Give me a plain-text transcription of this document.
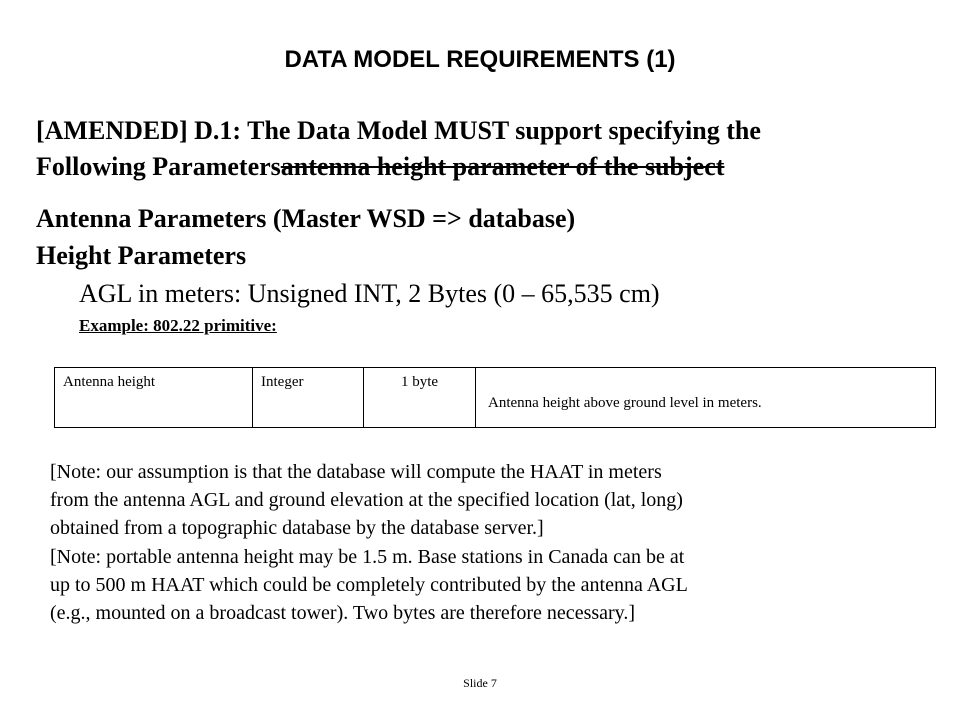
DATA MODEL REQUIREMENTS (1)
[AMENDED] D.1: The Data Model MUST support specifying the
Following Parametersantenna height parameter of the subject
Antenna Parameters (Master WSD => database)
Height Parameters
AGL in meters: Unsigned INT, 2 Bytes (0 – 65,535 cm)
Example: 802.22 primitive:
Antenna height	Integer	1 byte	Antenna height above ground level in meters.

[Note: our assumption is that the database will compute the HAAT in meters

from the antenna AGL and ground elevation at the specified location (lat, long)

obtained from a topographic database by the database server.]

[Note: portable antenna height may be 1.5 m. Base stations in Canada can be at

up to 500 m HAAT which could be completely contributed by the antenna AGL

(e.g., mounted on a broadcast tower). Two bytes are therefore necessary.]

Slide 7
